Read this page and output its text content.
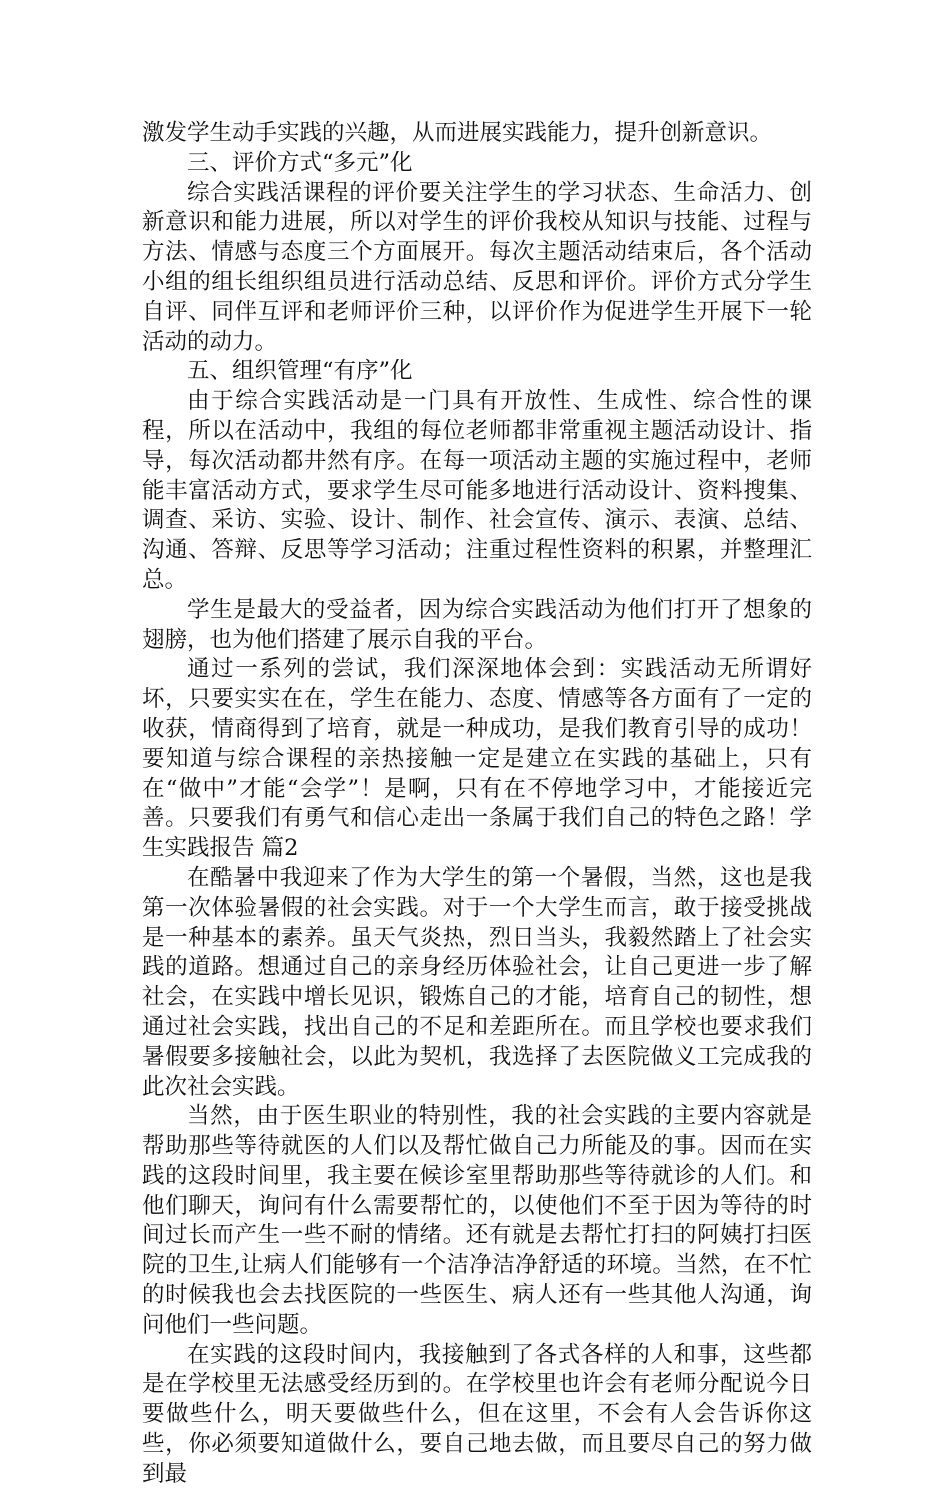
激发学生动手实践的兴趣，从而进展实践能力，提升创新意识。

三、评价方式“多元”化

综合实践活课程的评价要关注学生的学习状态、生命活力、创新意识和能力进展，所以对学生的评价我校从知识与技能、过程与方法、情感与态度三个方面展开。每次主题活动结束后，各个活动小组的组长组织组员进行活动总结、反思和评价。评价方式分学生自评、同伴互评和老师评价三种，以评价作为促进学生开展下一轮活动的动力。

五、组织管理“有序”化

由于综合实践活动是一门具有开放性、生成性、综合性的课程，所以在活动中，我组的每位老师都非常重视主题活动设计、指导，每次活动都井然有序。在每一项活动主题的实施过程中，老师能丰富活动方式，要求学生尽可能多地进行活动设计、资料搜集、调查、采访、实验、设计、制作、社会宣传、演示、表演、总结、沟通、答辩、反思等学习活动；注重过程性资料的积累，并整理汇总。

学生是最大的受益者，因为综合实践活动为他们打开了想象的翅膀，也为他们搭建了展示自我的平台。

通过一系列的尝试，我们深深地体会到：实践活动无所谓好坏，只要实实在在，学生在能力、态度、情感等各方面有了一定的收获，情商得到了培育，就是一种成功，是我们教育引导的成功！要知道与综合课程的亲热接触一定是建立在实践的基础上，只有在“做中”才能“会学”！是啊，只有在不停地学习中，才能接近完善。只要我们有勇气和信心走出一条属于我们自己的特色之路！学生实践报告 篇2

在酷暑中我迎来了作为大学生的第一个暑假，当然，这也是我第一次体验暑假的社会实践。对于一个大学生而言，敢于接受挑战是一种基本的素养。虽天气炎热，烈日当头，我毅然踏上了社会实践的道路。想通过自己的亲身经历体验社会，让自己更进一步了解社会，在实践中增长见识，锻炼自己的才能，培育自己的韧性，想通过社会实践，找出自己的不足和差距所在。而且学校也要求我们暑假要多接触社会，以此为契机，我选择了去医院做义工完成我的此次社会实践。

当然，由于医生职业的特别性，我的社会实践的主要内容就是帮助那些等待就医的人们以及帮忙做自己力所能及的事。因而在实践的这段时间里，我主要在候诊室里帮助那些等待就诊的人们。和他们聊天，询问有什么需要帮忙的，以使他们不至于因为等待的时间过长而产生一些不耐的情绪。还有就是去帮忙打扫的阿姨打扫医院的卫生,让病人们能够有一个洁净洁净舒适的环境。当然，在不忙的时候我也会去找医院的一些医生、病人还有一些其他人沟通，询问他们一些问题。

在实践的这段时间内，我接触到了各式各样的人和事，这些都是在学校里无法感受经历到的。在学校里也许会有老师分配说今日要做些什么，明天要做些什么，但在这里，不会有人会告诉你这些，你必须要知道做什么，要自己地去做，而且要尽自己的努力做到最
